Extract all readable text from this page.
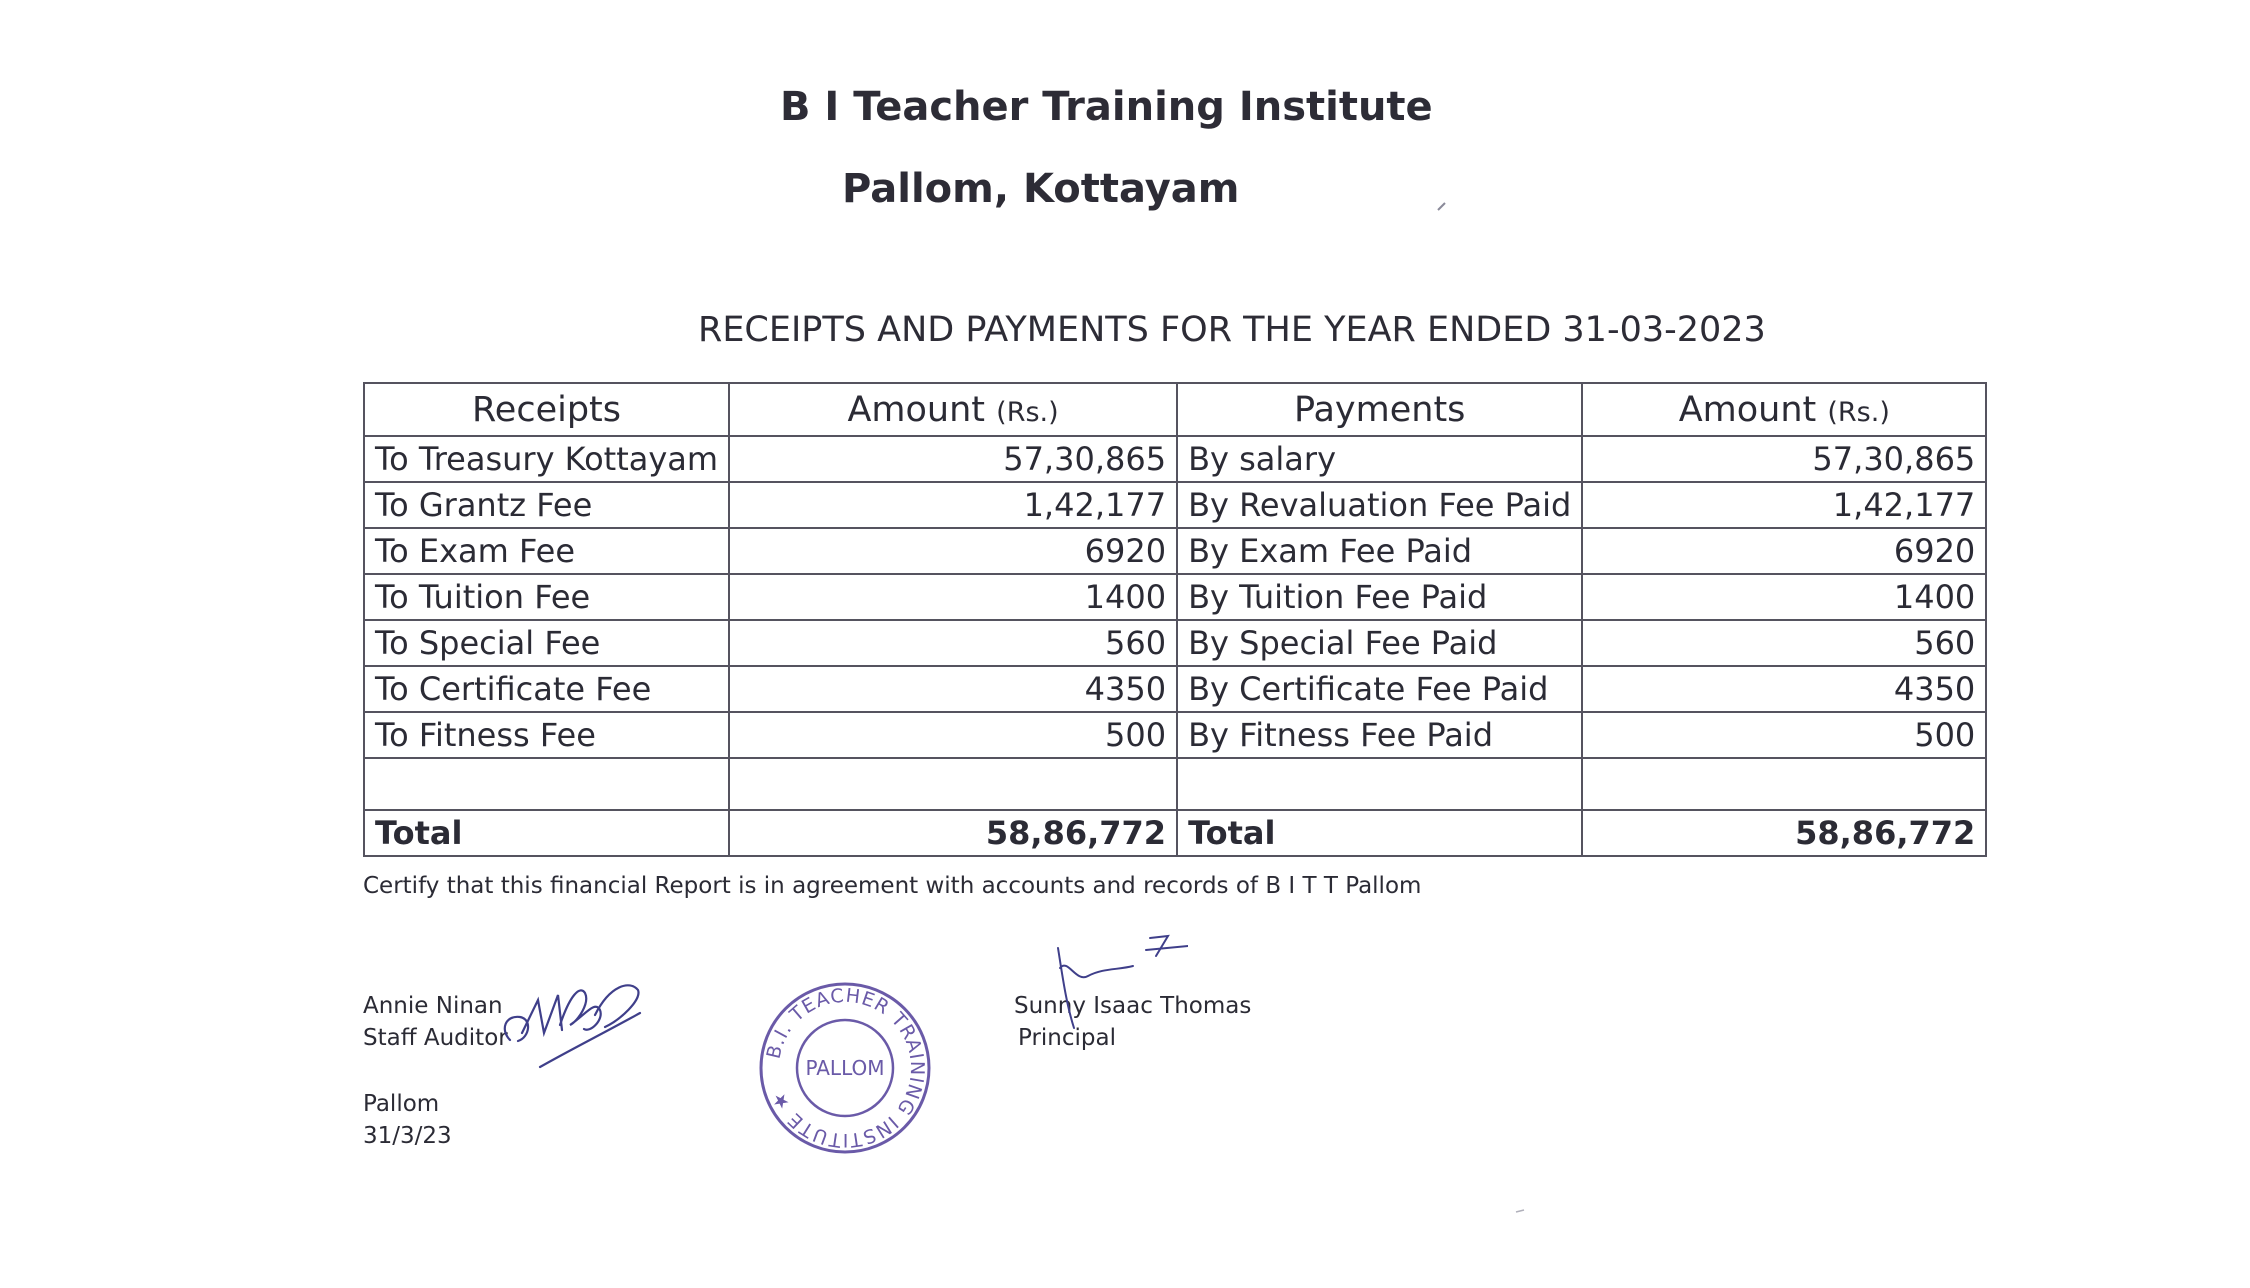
B I Teacher Training Institute
Pallom, Kottayam
RECEIPTS AND PAYMENTS FOR THE YEAR ENDED 31-03-2023
Receipts	Amount (Rs.)	Payments	Amount (Rs.)
To Treasury Kottayam	57,30,865	By salary	57,30,865
To Grantz Fee	1,42,177	By Revaluation Fee Paid	1,42,177
To Exam Fee	6920	By Exam Fee Paid	6920
To Tuition Fee	1400	By Tuition Fee Paid	1400
To Special Fee	560	By Special Fee Paid	560
To Certificate Fee	4350	By Certificate Fee Paid	4350
To Fitness Fee	500	By Fitness Fee Paid	500

Total	58,86,772	Total	58,86,772
Certify that this financial Report is in agreement with accounts and records of B I T T Pallom
Annie Ninan
Staff Auditor
Pallom
31/3/23
Sunny Isaac Thomas
Principal
B.I. TEACHER TRAINING INSTITUTE ★
PALLOM
